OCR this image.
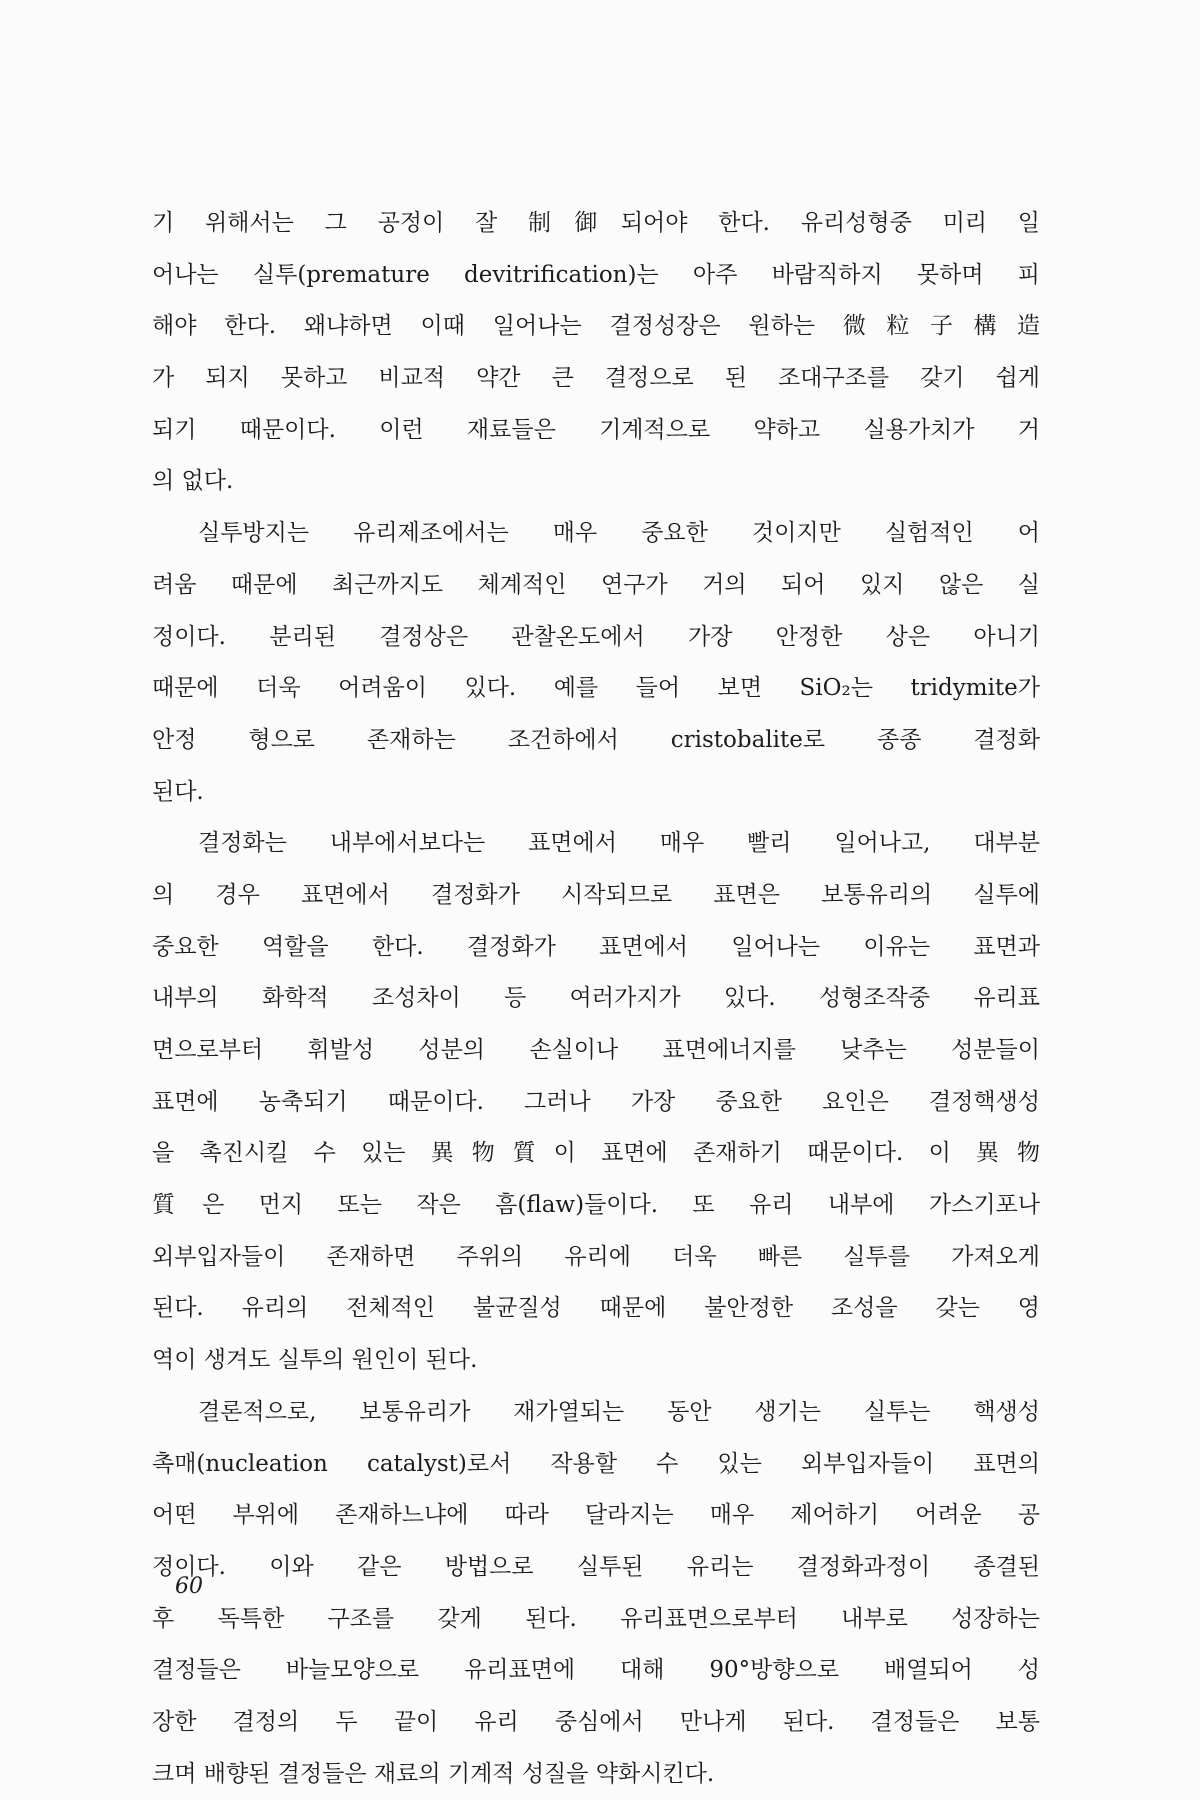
기 위해서는 그 공정이 잘 制御되어야 한다. 유리성형중 미리 일
어나는 실투(premature devitrification)는 아주 바람직하지 못하며 피
해야 한다. 왜냐하면 이때 일어나는 결정성장은 원하는 微粒子構造
가 되지 못하고 비교적 약간 큰 결정으로 된 조대구조를 갖기 쉽게
되기 때문이다. 이런 재료들은 기계적으로 약하고 실용가치가 거
의 없다.
실투방지는 유리제조에서는 매우 중요한 것이지만 실험적인 어
려움 때문에 최근까지도 체계적인 연구가 거의 되어 있지 않은 실
정이다. 분리된 결정상은 관찰온도에서 가장 안정한 상은 아니기
때문에 더욱 어려움이 있다. 예를 들어 보면 SiO₂는 tridymite가
안정 형으로 존재하는 조건하에서 cristobalite로 종종 결정화
된다.
결정화는 내부에서보다는 표면에서 매우 빨리 일어나고, 대부분
의 경우 표면에서 결정화가 시작되므로 표면은 보통유리의 실투에
중요한 역할을 한다. 결정화가 표면에서 일어나는 이유는 표면과
내부의 화학적 조성차이 등 여러가지가 있다. 성형조작중 유리표
면으로부터 휘발성 성분의 손실이나 표면에너지를 낮추는 성분들이
표면에 농축되기 때문이다. 그러나 가장 중요한 요인은 결정핵생성
을 촉진시킬 수 있는 異物質이 표면에 존재하기 때문이다. 이 異物
質은 먼지 또는 작은 흠(flaw)들이다. 또 유리 내부에 가스기포나
외부입자들이 존재하면 주위의 유리에 더욱 빠른 실투를 가져오게
된다. 유리의 전체적인 불균질성 때문에 불안정한 조성을 갖는 영
역이 생겨도 실투의 원인이 된다.
결론적으로, 보통유리가 재가열되는 동안 생기는 실투는 핵생성
촉매(nucleation catalyst)로서 작용할 수 있는 외부입자들이 표면의
어떤 부위에 존재하느냐에 따라 달라지는 매우 제어하기 어려운 공
정이다. 이와 같은 방법으로 실투된 유리는 결정화과정이 종결된
후 독특한 구조를 갖게 된다. 유리표면으로부터 내부로 성장하는
결정들은 바늘모양으로 유리표면에 대해 90°방향으로 배열되어 성
장한 결정의 두 끝이 유리 중심에서 만나게 된다. 결정들은 보통
크며 배향된 결정들은 재료의 기계적 성질을 약화시킨다.
60
